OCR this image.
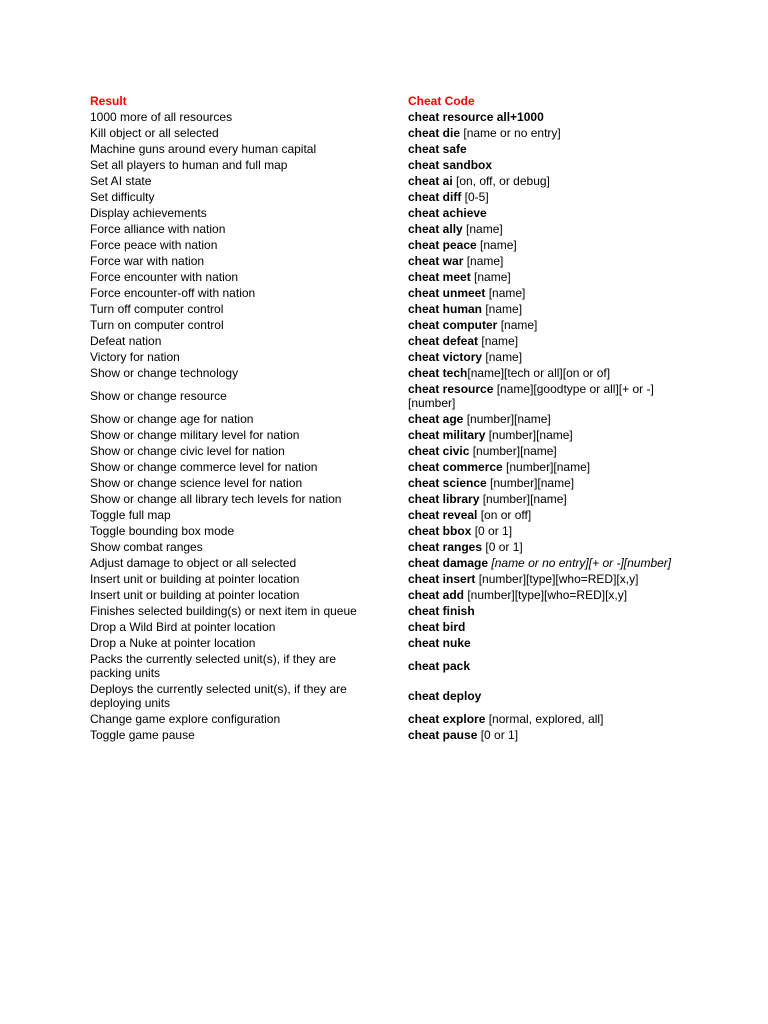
Result	Cheat Code
1000 more of all resources	cheat resource all+1000
Kill object or all selected	cheat die [name or no entry]
Machine guns around every human capital	cheat safe
Set all players to human and full map	cheat sandbox
Set AI state	cheat ai [on, off, or debug]
Set difficulty	cheat diff [0-5]
Display achievements	cheat achieve
Force alliance with nation	cheat ally [name]
Force peace with nation	cheat peace [name]
Force war with nation	cheat war [name]
Force encounter with nation	cheat meet [name]
Force encounter-off with nation	cheat unmeet [name]
Turn off computer control	cheat human [name]
Turn on computer control	cheat computer [name]
Defeat nation	cheat defeat [name]
Victory for nation	cheat victory [name]
Show or change technology	cheat tech[name][tech or all][on or of]
Show or change resource	cheat resource [name][goodtype or all][+ or -][number]
Show or change age for nation	cheat age [number][name]
Show or change military level for nation	cheat military [number][name]
Show or change civic level for nation	cheat civic [number][name]
Show or change commerce level for nation	cheat commerce [number][name]
Show or change science level for nation	cheat science [number][name]
Show or change all library tech levels for nation	cheat library [number][name]
Toggle full map	cheat reveal [on or off]
Toggle bounding box mode	cheat bbox [0 or 1]
Show combat ranges	cheat ranges [0 or 1]
Adjust damage to object or all selected	cheat damage [name or no entry][+ or -][number]
Insert unit or building at pointer location	cheat insert [number][type][who=RED][x,y]
Insert unit or building at pointer location	cheat add [number][type][who=RED][x,y]
Finishes selected building(s) or next item in queue	cheat finish
Drop a Wild Bird at pointer location	cheat bird
Drop a Nuke at pointer location	cheat nuke
Packs the currently selected unit(s), if they are packing units	cheat pack
Deploys the currently selected unit(s), if they are deploying units	cheat deploy
Change game explore configuration	cheat explore [normal, explored, all]
Toggle game pause	cheat pause [0 or 1]
